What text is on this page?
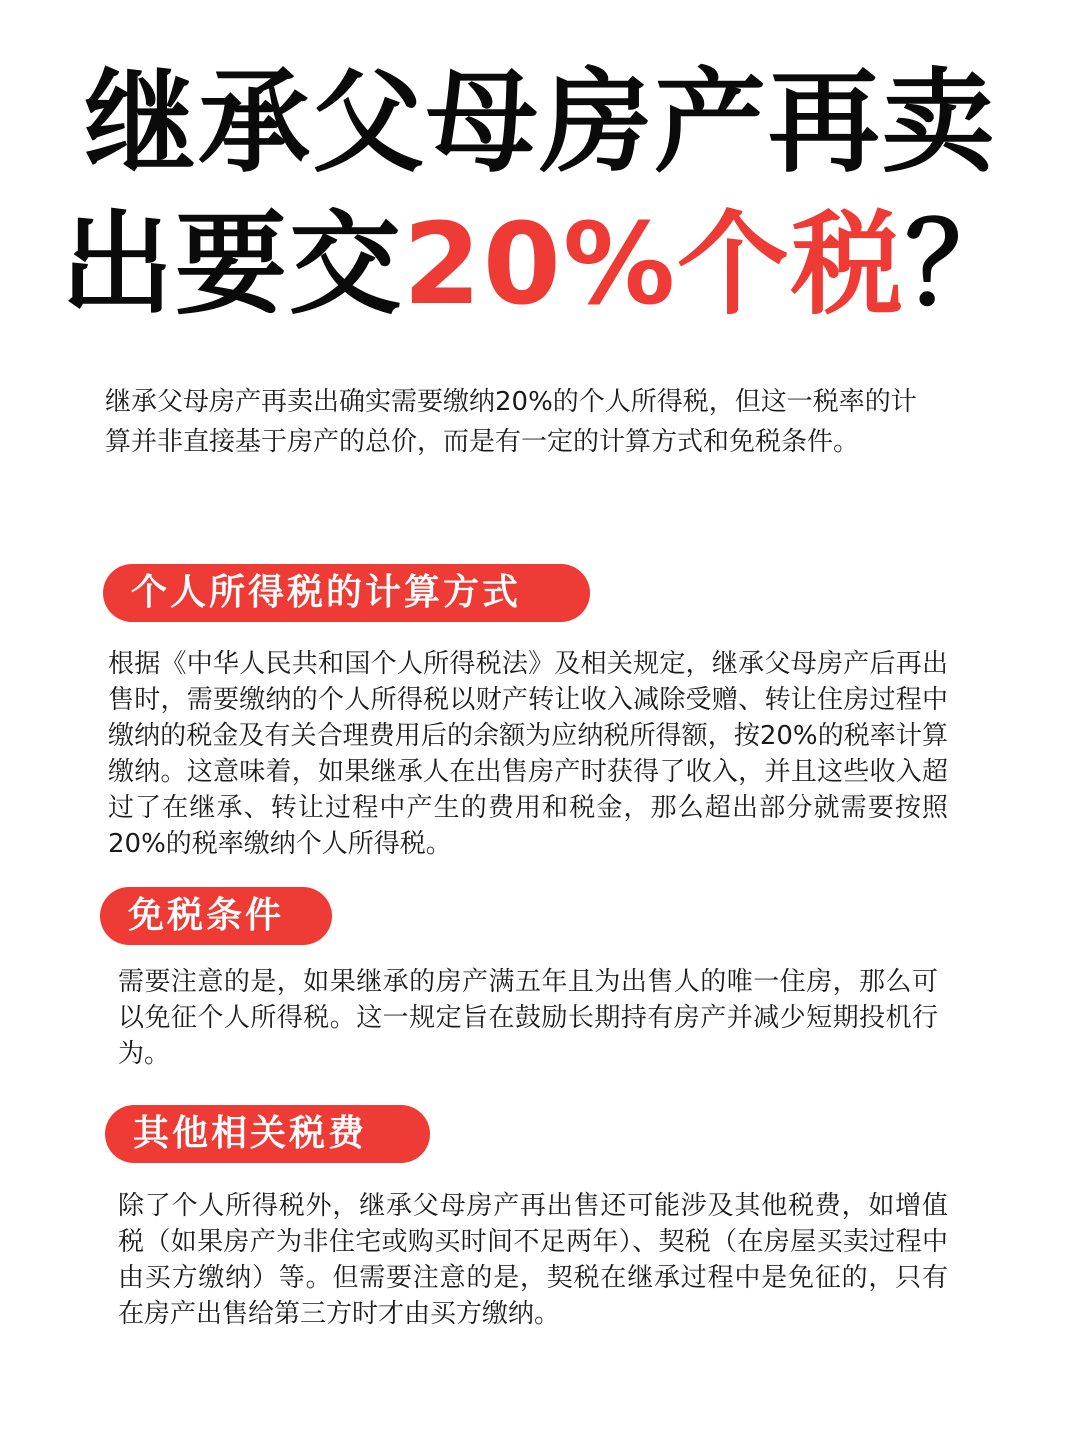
继承父母房产再卖
出要交20%个税？

继承父母房产再卖出确实需要缴纳20%的个人所得税，但这一税率的计算并非直接基于房产的总价，而是有一定的计算方式和免税条件。

个人所得税的计算方式

根据《中华人民共和国个人所得税法》及相关规定，继承父母房产后再出售时，需要缴纳的个人所得税以财产转让收入减除受赠、转让住房过程中缴纳的税金及有关合理费用后的余额为应纳税所得额，按20%的税率计算缴纳。这意味着，如果继承人在出售房产时获得了收入，并且这些收入超过了在继承、转让过程中产生的费用和税金，那么超出部分就需要按照20%的税率缴纳个人所得税。

免税条件

需要注意的是，如果继承的房产满五年且为出售人的唯一住房，那么可以免征个人所得税。这一规定旨在鼓励长期持有房产并减少短期投机行为。

其他相关税费

除了个人所得税外，继承父母房产再出售还可能涉及其他税费，如增值税（如果房产为非住宅或购买时间不足两年）、契税（在房屋买卖过程中由买方缴纳）等。但需要注意的是，契税在继承过程中是免征的，只有在房产出售给第三方时才由买方缴纳。
